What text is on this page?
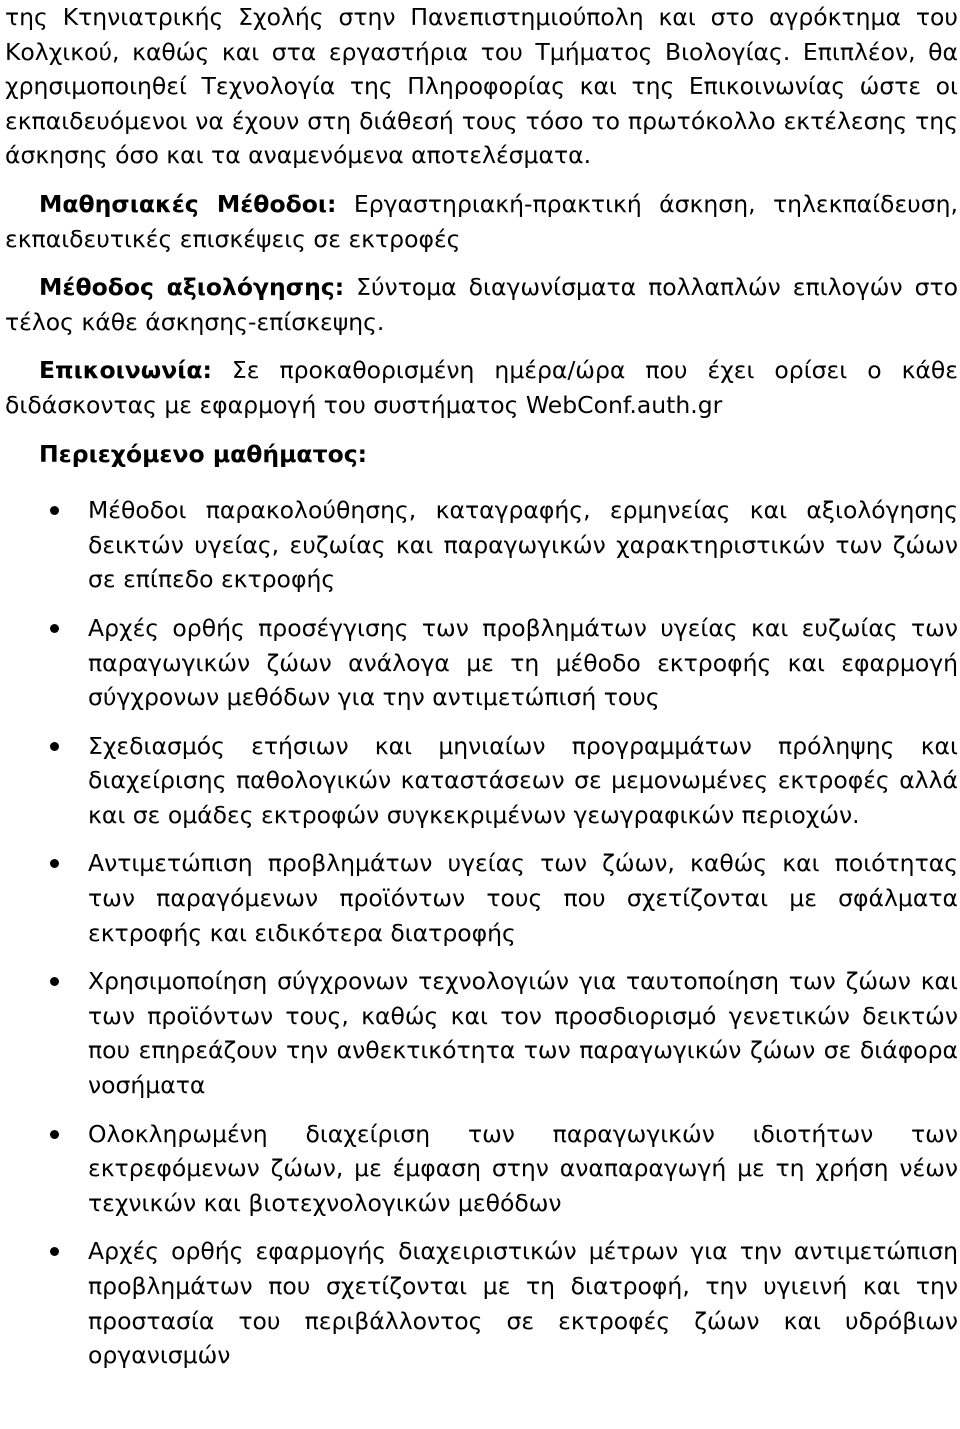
της Κτηνιατρικής Σχολής στην Πανεπιστημιούπολη και στο αγρόκτημα του Κολχικού, καθώς και στα εργαστήρια του Τμήματος Βιολογίας. Επιπλέον, θα χρησιμοποιηθεί Τεχνολογία της Πληροφορίας και της Επικοινωνίας ώστε οι εκπαιδευόμενοι να έχουν στη διάθεσή τους τόσο το πρωτόκολλο εκτέλεσης της άσκησης όσο και τα αναμενόμενα αποτελέσματα.

Μαθησιακές Μέθοδοι: Εργαστηριακή-πρακτική άσκηση, τηλεκπαίδευση, εκπαιδευτικές επισκέψεις σε εκτροφές

Μέθοδος αξιολόγησης: Σύντομα διαγωνίσματα πολλαπλών επιλογών στο τέλος κάθε άσκησης-επίσκεψης.

Επικοινωνία: Σε προκαθορισμένη ημέρα/ώρα που έχει ορίσει ο κάθε διδάσκοντας με εφαρμογή του συστήματος WebConf.auth.gr

Περιεχόμενο μαθήματος:
Μέθοδοι παρακολούθησης, καταγραφής, ερμηνείας και αξιολόγησης δεικτών υγείας, ευζωίας και παραγωγικών χαρακτηριστικών των ζώων σε επίπεδο εκτροφής
Αρχές ορθής προσέγγισης των προβλημάτων υγείας και ευζωίας των παραγωγικών ζώων ανάλογα με τη μέθοδο εκτροφής και εφαρμογή σύγχρονων μεθόδων για την αντιμετώπισή τους
Σχεδιασμός ετήσιων και μηνιαίων προγραμμάτων πρόληψης και διαχείρισης παθολογικών καταστάσεων σε μεμονωμένες εκτροφές αλλά και σε ομάδες εκτροφών συγκεκριμένων γεωγραφικών περιοχών.
Αντιμετώπιση προβλημάτων υγείας των ζώων, καθώς και ποιότητας των παραγόμενων προϊόντων τους που σχετίζονται με σφάλματα εκτροφής και ειδικότερα διατροφής
Χρησιμοποίηση σύγχρονων τεχνολογιών για ταυτοποίηση των ζώων και των προϊόντων τους, καθώς και τον προσδιορισμό γενετικών δεικτών που επηρεάζουν την ανθεκτικότητα των παραγωγικών ζώων σε διάφορα νοσήματα
Ολοκληρωμένη διαχείριση των παραγωγικών ιδιοτήτων των εκτρεφόμενων ζώων, με έμφαση στην αναπαραγωγή με τη χρήση νέων τεχνικών και βιοτεχνολογικών μεθόδων
Αρχές ορθής εφαρμογής διαχειριστικών μέτρων για την αντιμετώπιση προβλημάτων που σχετίζονται με τη διατροφή, την υγιεινή και την προστασία του περιβάλλοντος σε εκτροφές ζώων και υδρόβιων οργανισμών
